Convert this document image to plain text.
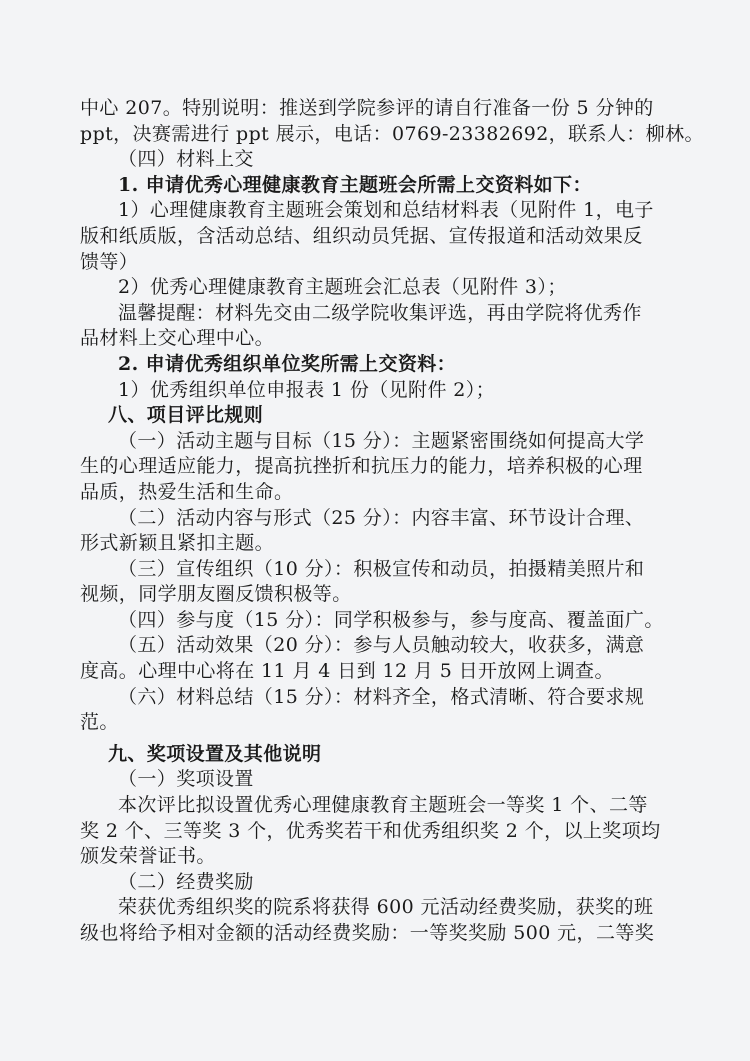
中心 207。特别说明：推送到学院参评的请自行准备一份 5 分钟的
ppt，决赛需进行 ppt 展示，电话：0769-23382692，联系人：柳林。
（四）材料上交
1. 申请优秀心理健康教育主题班会所需上交资料如下：
1）心理健康教育主题班会策划和总结材料表（见附件 1，电子
版和纸质版，含活动总结、组织动员凭据、宣传报道和活动效果反
馈等）
2）优秀心理健康教育主题班会汇总表（见附件 3）；
温馨提醒：材料先交由二级学院收集评选，再由学院将优秀作
品材料上交心理中心。
2. 申请优秀组织单位奖所需上交资料：
1）优秀组织单位申报表 1 份（见附件 2）；
八、项目评比规则
（一）活动主题与目标（15 分）：主题紧密围绕如何提高大学
生的心理适应能力，提高抗挫折和抗压力的能力，培养积极的心理
品质，热爱生活和生命。
（二）活动内容与形式（25 分）：内容丰富、环节设计合理、
形式新颖且紧扣主题。
（三）宣传组织（10 分）：积极宣传和动员，拍摄精美照片和
视频，同学朋友圈反馈积极等。
（四）参与度（15 分）：同学积极参与，参与度高、覆盖面广。
（五）活动效果（20 分）：参与人员触动较大，收获多，满意
度高。心理中心将在 11 月 4 日到 12 月 5 日开放网上调查。
（六）材料总结（15 分）：材料齐全，格式清晰、符合要求规
范。
九、奖项设置及其他说明
（一）奖项设置
本次评比拟设置优秀心理健康教育主题班会一等奖 1 个、二等
奖 2 个、三等奖 3 个，优秀奖若干和优秀组织奖 2 个，以上奖项均
颁发荣誉证书。
（二）经费奖励
荣获优秀组织奖的院系将获得 600 元活动经费奖励，获奖的班
级也将给予相对金额的活动经费奖励：一等奖奖励 500 元，二等奖
